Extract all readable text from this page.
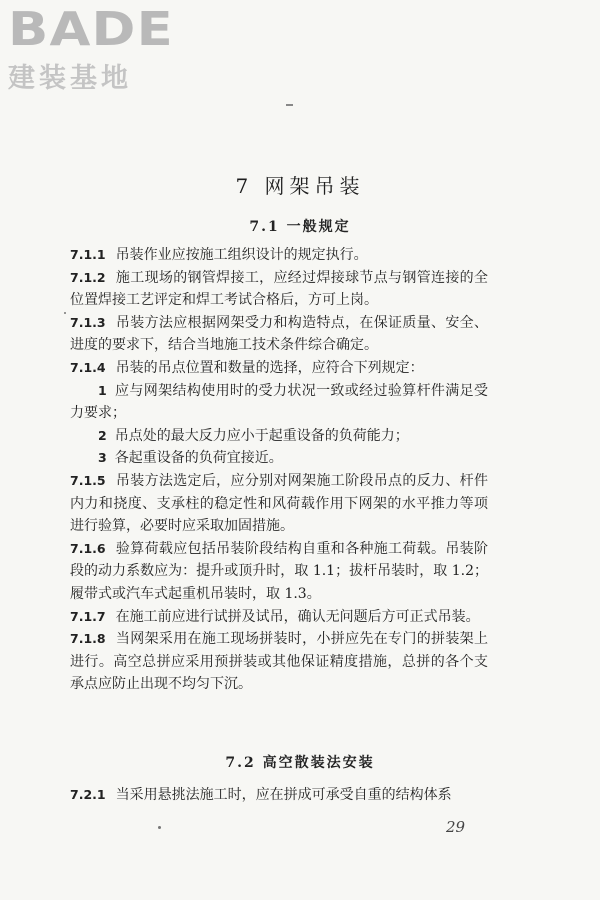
BADE
建装基地
7 网架吊装
7.1 一般规定

7.1.1 吊装作业应按施工组织设计的规定执行。

7.1.2 施工现场的钢管焊接工，应经过焊接球节点与钢管连接的全位置焊接工艺评定和焊工考试合格后，方可上岗。

7.1.3 吊装方法应根据网架受力和构造特点，在保证质量、安全、进度的要求下，结合当地施工技术条件综合确定。

7.1.4 吊装的吊点位置和数量的选择，应符合下列规定：

1 应与网架结构使用时的受力状况一致或经过验算杆件满足受力要求；

2 吊点处的最大反力应小于起重设备的负荷能力；

3 各起重设备的负荷宜接近。

7.1.5 吊装方法选定后，应分别对网架施工阶段吊点的反力、杆件内力和挠度、支承柱的稳定性和风荷载作用下网架的水平推力等项进行验算，必要时应采取加固措施。

7.1.6 验算荷载应包括吊装阶段结构自重和各种施工荷载。吊装阶段的动力系数应为：提升或顶升时，取 1.1；拔杆吊装时，取 1.2；履带式或汽车式起重机吊装时，取 1.3。

7.1.7 在施工前应进行试拼及试吊，确认无问题后方可正式吊装。

7.1.8 当网架采用在施工现场拼装时，小拼应先在专门的拼装架上进行。高空总拼应采用预拼装或其他保证精度措施，总拼的各个支承点应防止出现不均匀下沉。

7.2 高空散装法安装

7.2.1 当采用悬挑法施工时，应在拼成可承受自重的结构体系

29
